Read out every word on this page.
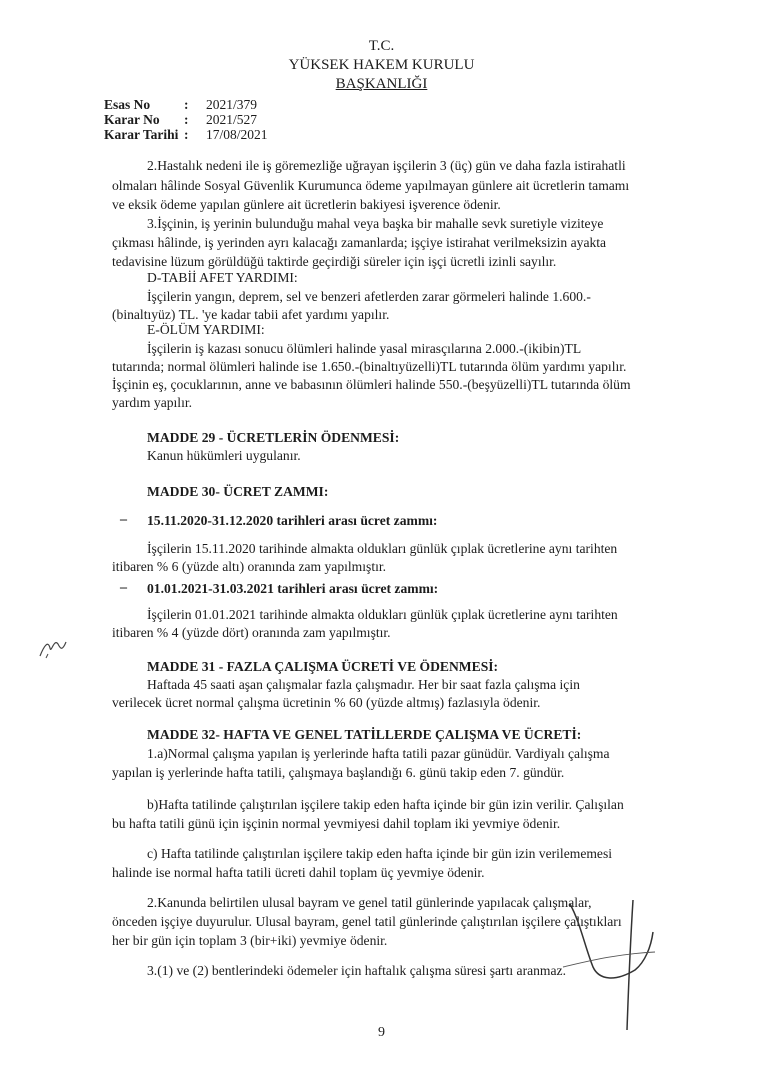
T.C.
YÜKSEK HAKEM KURULU
BAŞKANLIĞI
Esas No	:	2021/379
Karar No	:	2021/527
Karar Tarihi :	17/08/2021
2.Hastalık nedeni ile iş göremezliğe uğrayan işçilerin 3 (üç) gün ve daha fazla istirahatli
olmaları hâlinde Sosyal Güvenlik Kurumunca ödeme yapılmayan günlere ait ücretlerin tamamı
ve eksik ödeme yapılan günlere ait ücretlerin bakiyesi işverence ödenir.
3.İşçinin, iş yerinin bulunduğu mahal veya başka bir mahalle sevk suretiyle viziteye
çıkması hâlinde, iş yerinden ayrı kalacağı zamanlarda; işçiye istirahat verilmeksizin ayakta
tedavisine lüzum görüldüğü taktirde geçirdiği süreler için işçi ücretli izinli sayılır.
D-TABİİ AFET YARDIMI:
İşçilerin yangın, deprem, sel ve benzeri afetlerden zarar görmeleri halinde 1.600.-
(binaltıyüz) TL. 'ye kadar tabii afet yardımı yapılır.
E-ÖLÜM YARDIMI:
İşçilerin iş kazası sonucu ölümleri halinde yasal mirasçılarına 2.000.-(ikibin)TL
tutarında; normal ölümleri halinde ise 1.650.-(binaltıyüzelli)TL tutarında ölüm yardımı yapılır.
İşçinin eş, çocuklarının, anne ve babasının ölümleri halinde 550.-(beşyüzelli)TL tutarında ölüm
yardım yapılır.
MADDE 29 - ÜCRETLERİN ÖDENMESİ:
Kanun hükümleri uygulanır.
MADDE 30- ÜCRET ZAMMI:
– 15.11.2020-31.12.2020 tarihleri arası ücret zammı:
İşçilerin 15.11.2020 tarihinde almakta oldukları günlük çıplak ücretlerine aynı tarihten
itibaren % 6 (yüzde altı) oranında zam yapılmıştır.
– 01.01.2021-31.03.2021 tarihleri arası ücret zammı:
İşçilerin 01.01.2021 tarihinde almakta oldukları günlük çıplak ücretlerine aynı tarihten
itibaren % 4 (yüzde dört) oranında zam yapılmıştır.
MADDE 31 - FAZLA ÇALIŞMA ÜCRETİ VE ÖDENMESİ:
Haftada 45 saati aşan çalışmalar fazla çalışmadır. Her bir saat fazla çalışma için
verilecek ücret normal çalışma ücretinin % 60 (yüzde altmış) fazlasıyla ödenir.
MADDE 32- HAFTA VE GENEL TATİLLERDE ÇALIŞMA VE ÜCRETİ:
1.a)Normal çalışma yapılan iş yerlerinde hafta tatili pazar günüdür. Vardiyalı çalışma
yapılan iş yerlerinde hafta tatili, çalışmaya başlandığı 6. günü takip eden 7. gündür.
b)Hafta tatilinde çalıştırılan işçilere takip eden hafta içinde bir gün izin verilir. Çalışılan
bu hafta tatili günü için işçinin normal yevmiyesi dahil toplam iki yevmiye ödenir.
c) Hafta tatilinde çalıştırılan işçilere takip eden hafta içinde bir gün izin verilememesi
halinde ise normal hafta tatili ücreti dahil toplam üç yevmiye ödenir.
2.Kanunda belirtilen ulusal bayram ve genel tatil günlerinde yapılacak çalışmalar,
önceden işçiye duyurulur. Ulusal bayram, genel tatil günlerinde çalıştırılan işçilere çalıştıkları
her bir gün için toplam 3 (bir+iki) yevmiye ödenir.
3.(1) ve (2) bentlerindeki ödemeler için haftalık çalışma süresi şartı aranmaz.
9
